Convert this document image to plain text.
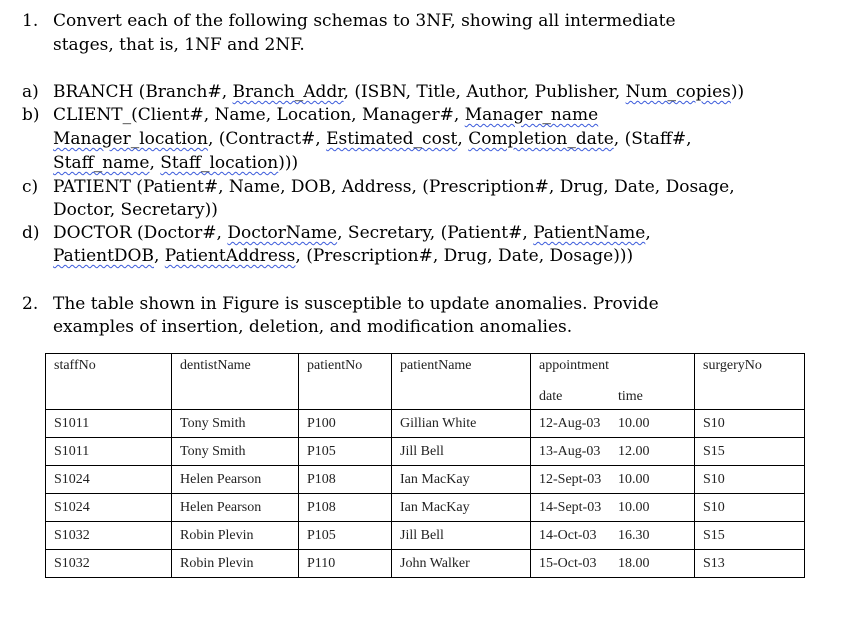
1. Convert each of the following schemas to 3NF, showing all intermediate
stages, that is, 1NF and 2NF.
a) BRANCH (Branch#, Branch_Addr, (ISBN, Title, Author, Publisher, Num_copies))
b) CLIENT_(Client#, Name, Location, Manager#, Manager_name
Manager_location, (Contract#, Estimated_cost, Completion_date, (Staff#,
Staff_name, Staff_location)))
c) PATIENT (Patient#, Name, DOB, Address, (Prescription#, Drug, Date, Dosage,
Doctor, Secretary))
d) DOCTOR (Doctor#, DoctorName, Secretary, (Patient#, PatientName,
PatientDOB, PatientAddress, (Prescription#, Drug, Date, Dosage)))
2. The table shown in Figure is susceptible to update anomalies. Provide
examples of insertion, deletion, and modification anomalies.
staffNo	dentistName	patientNo	patientName	appointment	surgeryNo
				date time	
S1011	Tony Smith	P100	Gillian White	12-Aug-03 10.00	S10
S1011	Tony Smith	P105	Jill Bell	13-Aug-03 12.00	S15
S1024	Helen Pearson	P108	Ian MacKay	12-Sept-03 10.00	S10
S1024	Helen Pearson	P108	Ian MacKay	14-Sept-03 10.00	S10
S1032	Robin Plevin	P105	Jill Bell	14-Oct-03 16.30	S15
S1032	Robin Plevin	P110	John Walker	15-Oct-03 18.00	S13
